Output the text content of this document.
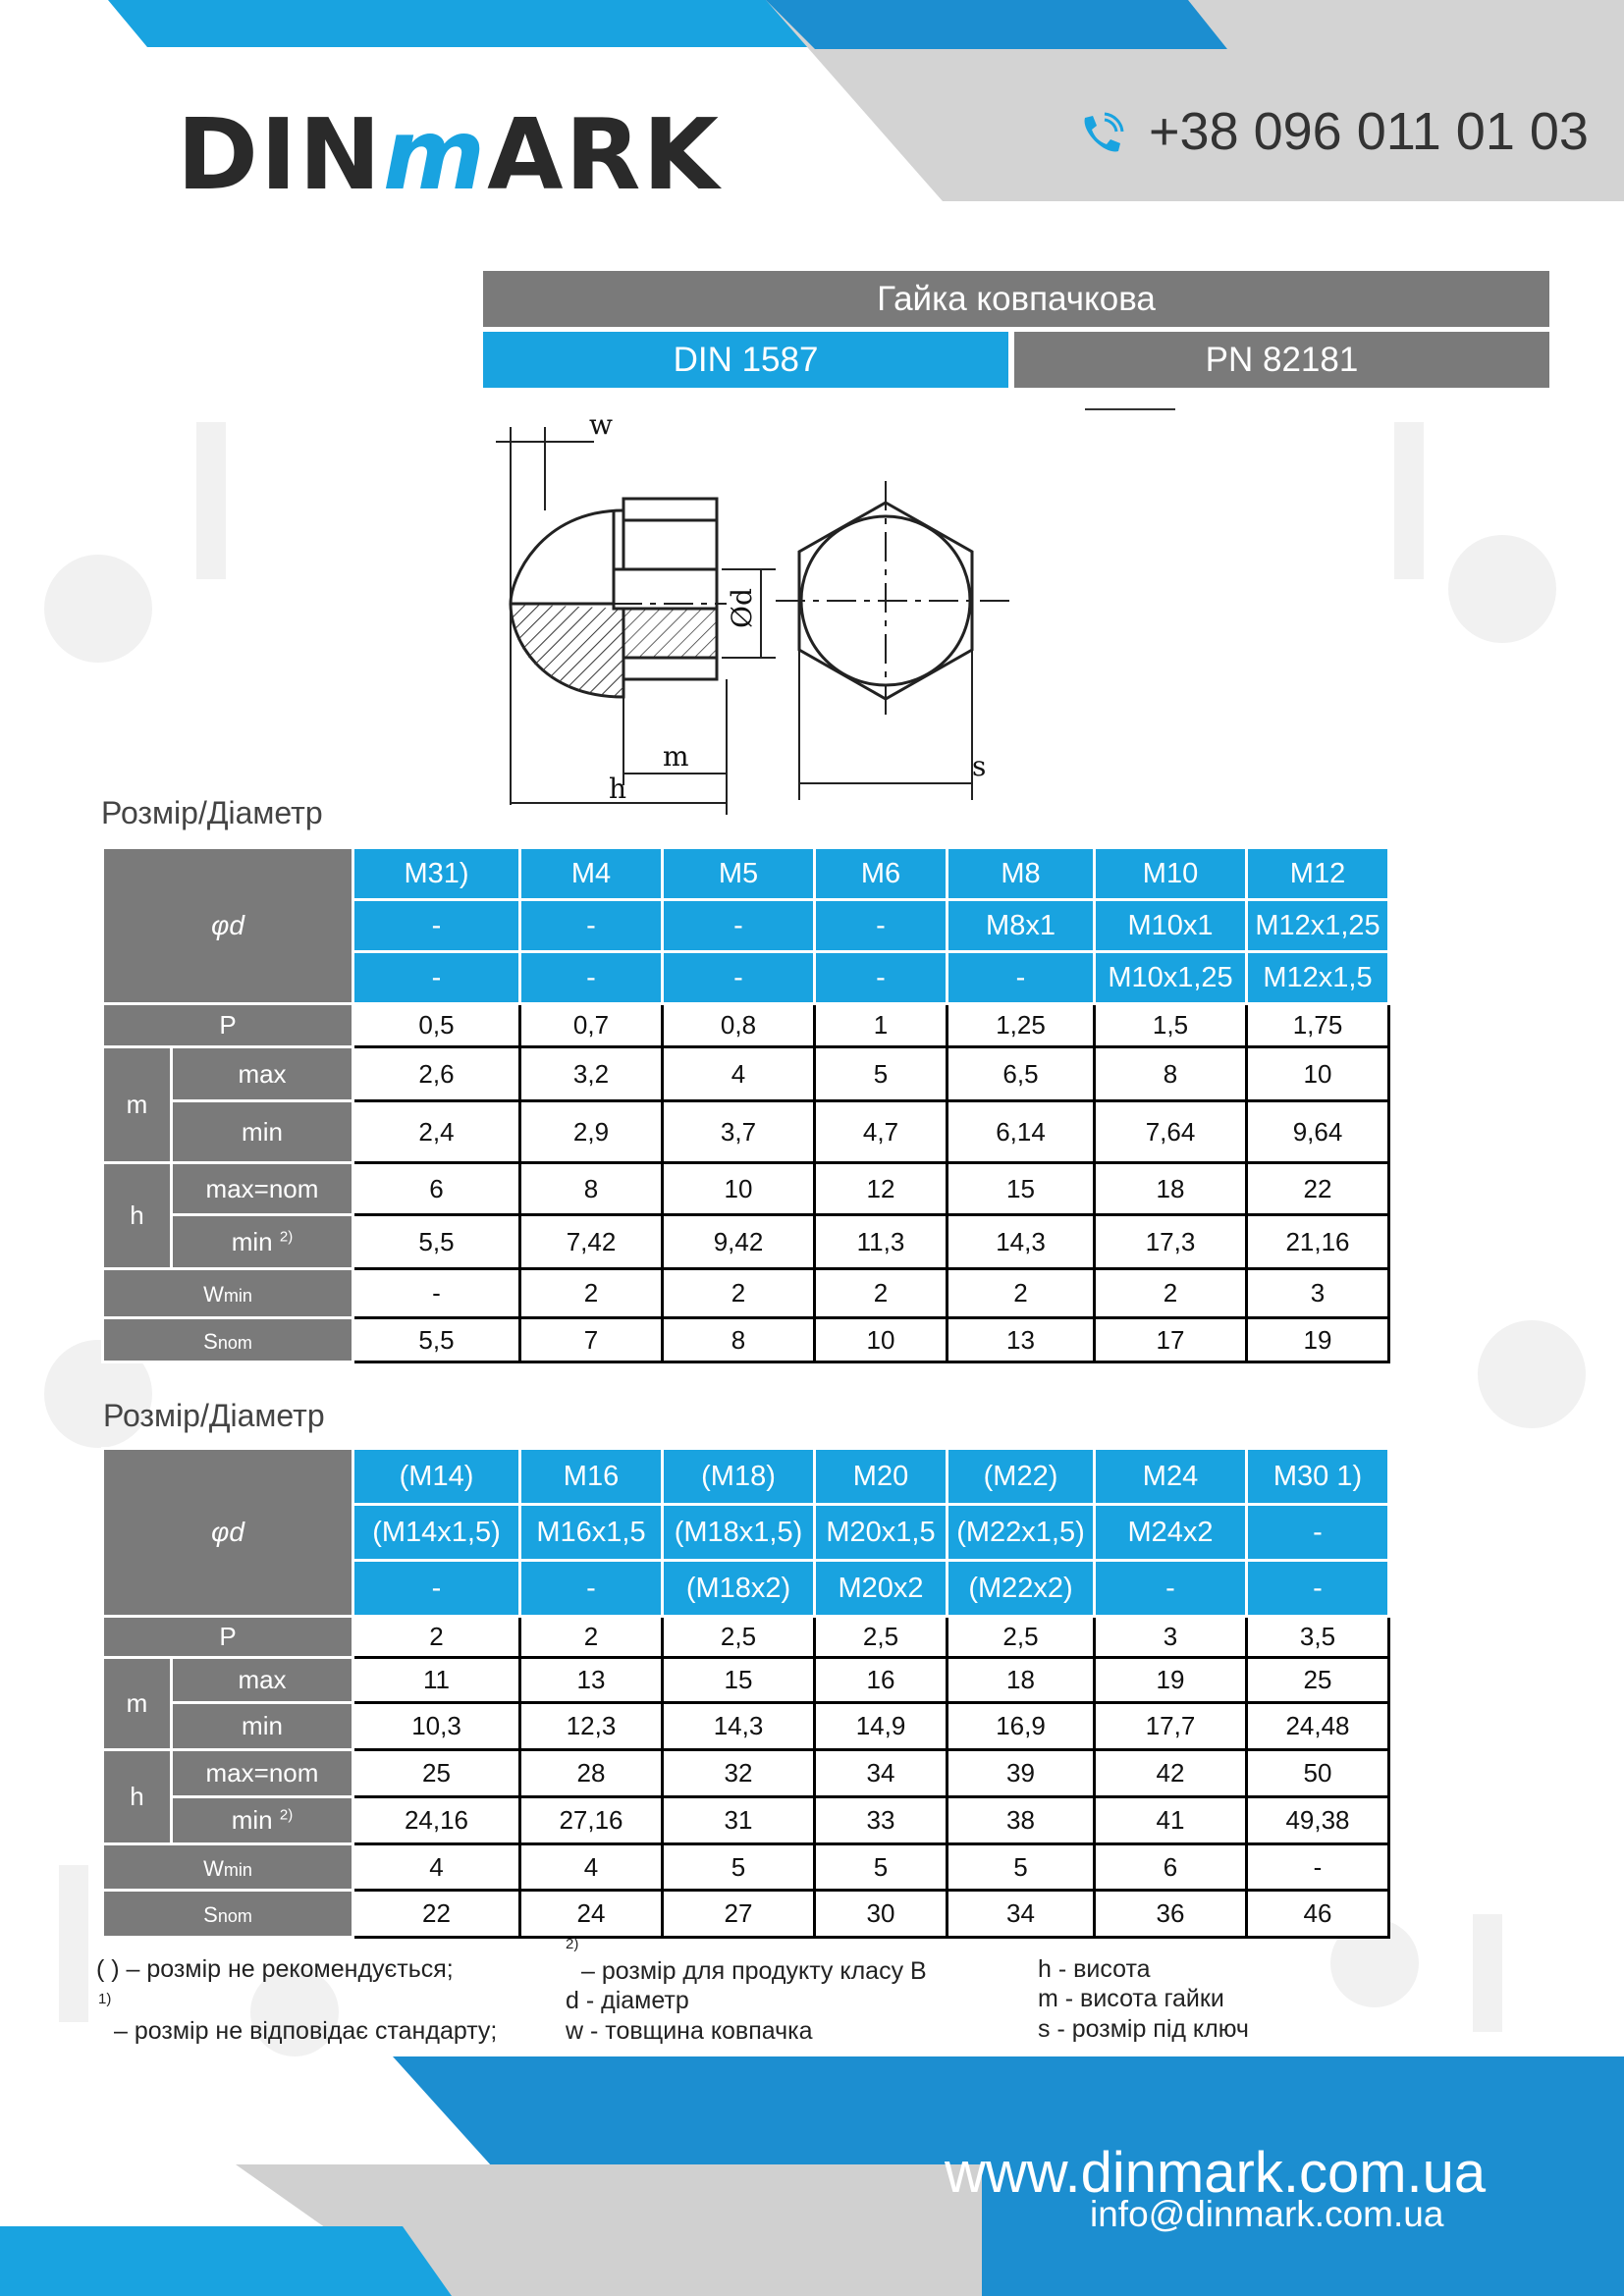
DINmARK	+38 096 011 01 03
Гайка ковпачкова
DIN 1587	PN 82181
w
Ød
m
h
s
Розмір/Діаметр
φd		M31)	M4	M5	M6	M8	M10	M12
		-	-	-	-	M8x1	M10x1	M12x1,25
		-	-	-	-	-	M10x1,25	M12x1,5
P		0,5	0,7	0,8	1	1,25	1,5	1,75
m	max	2,6	3,2	4	5	6,5	8	10
	min	2,4	2,9	3,7	4,7	6,14	7,64	9,64
h	max=nom	6	8	10	12	15	18	22
	min $^{2)}$	5,5	7,42	9,42	11,3	14,3	17,3	21,16
Wmin		-	2	2	2	2	2	3
Snom		5,5	7	8	10	13	17	19
Розмір/Діаметр
φd		(M14)	M16	(M18)	M20	(M22)	M24	M30 1)
		(M14x1,5)	M16x1,5	(M18x1,5)	M20x1,5	(M22x1,5)	M24x2	-
		-	-	(M18x2)	M20x2	(M22x2)	-	-
P		2	2	2,5	2,5	2,5	3	3,5
m	max	11	13	15	16	18	19	25
	min	10,3	12,3	14,3	14,9	16,9	17,7	24,48
h	max=nom	25	28	32	34	39	42	50
	min $^{2)}$	24,16	27,16	31	33	38	41	49,38
Wmin		4	4	5	5	5	6	-
Snom		22	24	27	30	34	36	46
( ) – розмір не рекомендується;
1)
– розмір не відповідає стандарту;
2)
– розмір для продукту класу B
d - діаметр
w - товщина ковпачка
h - висота
m - висота гайки
s - розмір під ключ
www.dinmark.com.ua
info@dinmark.com.ua
